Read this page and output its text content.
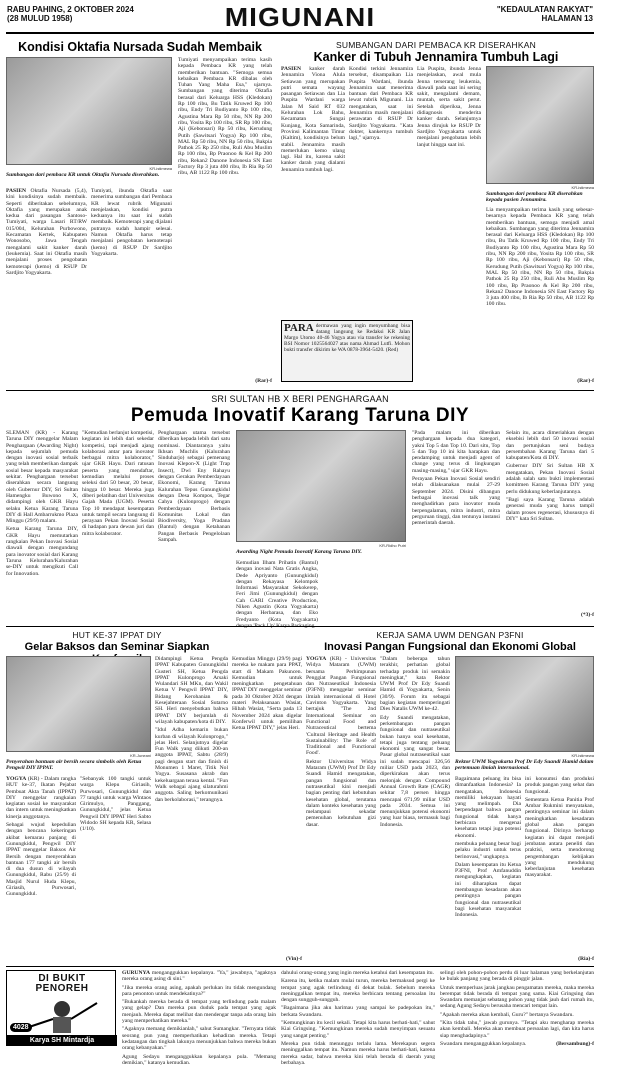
RABU PAHING, 2 OKTOBER 2024
(28 MULUD 1958)	MIGUNANI	"KEDAULATAN RAKYAT"
HALAMAN 13
Kondisi Oktafia Nursada Sudah Membaik
KR-istimewa
Sumbangan dari pembaca KR untuk Oktafia Nursada diserahkan.

PASIEN Oktafia Nursada (5,4), kini kondisinya sudah membaik. Seperti diberitakan sebelumnya, Oktafia yang merupakan anak kedua dari pasangan Santoso-Tumiyati, warga Lasari RT/RW 015/004, Kelurahan Purbowono, Kecamatan Kertek, Kabupaten Wonosobo, Jawa Tengah mengalami sakit kanker darah (leukemia). Saat ini Oktafia masih menjalani proses pengobatan kemoterapi (kemo) di RSUP Dr Sardjito Yogyakarta.

Tumiyati, ibunda Oktafia saat menerima sumbangan dari Pembaca KR lewat rubrik Migunani menjelaskan, kondisi putra keduanya itu saat ini sudah membaik. Kemoterapi yang dijalani putranya sudah hampir selesai. Namun Oktafia harus tetap menjalani pengobatan kemoterapi (kemo) di RSUP Dr Sardjito Yogyakarta.

Tumiyati menyampaikan terima kasih kepada Pembaca KR yang telah memberikan bantuan. "Semoga semua kebaikan Pembaca KR dibalas oleh Tuhan Yang Maha Esa," ujarnya. Sumbangan yang diterima Oktafia berasal dari Keluarga HSS (Kledokan) Rp 100 ribu, Bu Tatik Kruwed Rp 100 ribu, Endy Tri Budiyanto Rp 100 ribu, Agustina Mara Rp 50 ribu, NN Rp 200 ribu, Yosita Rp 100 ribu, SR Rp 100 ribu, Aji (Kebonsari) Rp 50 ribu, Kerudung Putih (Sawitsari Yogya) Rp 100 ribu, MAL Rp 50 ribu, NN Rp 50 ribu, Bakpia Pathok 25 Rp 250 ribu, Ruli Abu Muslim Rp 100 ribu, Bp Praonoo & Kel Rp 200 ribu, Rekan2 Danone Indonesia SN East Factory Rp 3 juta 400 ribu, Ib Ria Rp 50 ribu, AB 1122 Rp 100 ribu.

(Rar)-f
SUMBANGAN DARI PEMBACA KR DISERAHKAN
Kanker di Tubuh Jennamira Tumbuh Lagi

PASIEN kanker darah Jennamira Viona Alula Setiawan yang merupakan putri semata wayang pasangan Setiawan dan Lia Puspita Wardani warga Jalan M Said RT 032 Kelurahan Lok Bahu, Kecamatan Sungai Kunjang, Kota Samarinda, Provinsi Kalimantan Timur (Kaltim), kondisinya belum stabil. Jennamira masih memerlukan kemo ulang lagi. Hal itu, karena sakit kanker darah yang dialami Jennamira tumbuh lagi.

Kondisi terkini Jennamira tersebut, disampaikan Lia Puspita Wardani, ibunda Jennamira saat menerima bantuan dari Pembaca KR lewat rubrik Migunani. Lia mengatakan, saat ini Jennamira masih menjalani perawatan di RSUP Dr Sardjito Yogyakarta. "Kata dokter, kankernya tumbuh lagi," ujarnya.

Lia Puspita, ibunda Jenna menjelaskan, awal mula Jenna terserang leukemia, diawali pada saat ini sering sakit, mengalami demam, muntah, serta sakit perut. Setelah diperiksa, Jenna didiagnosis menderita kanker darah. Selanjutnya Jenna dirujuk ke RSUP Dr Sardjito Yogyakarta untuk menjalani pengobatan lebih lanjut hingga saat ini.

KR-istimewa
Sumbangan dari pembaca KR diserahkan kepada pasien Jennamira.

Lia menyampaikan terima kasih yang sebesar-besarnya kepada Pembaca KR yang telah memberikan bantuan, semoga menjadi amal kebaikan. Sumbangan yang diterima Jennamira berasal dari Keluarga HSS (Kledokan) Rp 100 ribu, Bu Tatik Kruwed Rp 100 ribu, Endy Tri Budiyanto Rp 100 ribu, Agustina Mara Rp 50 ribu, NN Rp 200 ribu, Yosita Rp 100 ribu, SR Rp 100 ribu, Aji (Kebonsari) Rp 50 ribu, Kerudung Putih (Sawitsari Yogya) Rp 100 ribu, MAL Rp 50 ribu, NN Rp 50 ribu, Bakpia Pathok 25 Rp 250 ribu, Ruli Abu Muslim Rp 100 ribu, Bp Praonoo & Kel Rp 200 ribu, Rekan2 Danone Indonesia SN East Factory Rp 3 juta 400 ribu, Ib Ria Rp 50 ribu, AB 1122 Rp 100 ribu.

(Rar)-f
PARA dermawan yang ingin menyumbang bisa datang langsung ke Redaksi KR Jalan Margo Utomo 40-46 Yogya atau via transfer ke rekening BSI Nomor 1025564027 atas nama Ahmad Lutfi. Mohon bukti transfer dikirim ke WA 0878-3964-5420. (Red)
SRI SULTAN HB X BERI PENGHARGAAN
Pemuda Inovatif Karang Taruna DIY

SLEMAN (KR) - Karang Taruna DIY menggelar Malam Penghargaan (Awarding Night) kepada sejumlah pemuda dengan inovasi sosial terbaik yang telah memberikan dampak sosial besar kepada masyarakat sekitar. Penghargaan tersebut diserahkan secara langsung oleh Gubernur DIY, Sri Sultan Hamengku Buwono X, didampingi oleh GKR Hayu selaku Ketua Karang Taruna DIY di Hall Ambarrukmo Plaza Minggu (29/9) malam.

Ketua Karang Taruna DIY, GKR Hayu memutarkan rangkaian Pekan Inovasi Sosial diawali dengan mengundang para inovator sosial dari Karang Taruna Kelurahan/Kalurahan se-DIY untuk mengikuti Call for Innovation.

"Kemudian berlanjut kompetisi, kegiatan ini lebih dari sekedar kompetisi, tapi menjadi ajang kolaborasi antar para inovator berbagai mitra kolaborator," ujar GKR Hayu. Dari ratusan peserta yang mendaftar, kemudian melalui proses seleksi dari 50 besar, 20 besar, hingga 10 besar. Mereka juga diberi pelatihan dari Universitas Gajah Mada (UGM). Peserta Top 10 mendapat kesempatan untuk tampil secara langsung di perayaan Pekan Inovasi Sosial di hadapan para dewan juri dan mitra kolaborator.

Penghargaan utama tersebut diberikan kepada lebih dari satu nominasi. Diantaranya yaitu Ikhsan Muchlis (Kalurahan Sinduharjo) sebagai pemenang Inovasi Klepon-X (Light Trap Insect), Dwi Eny Rahayu dengan Gerakan Pemberdayaan Ekonomi, Karang Taruna Kalurahan Tepus Gunungkidul dengan Desa Kompos, Tegar Cahya (Kulonprogo) dengan Pemberdayaan Berbasis Komunitas Lokal dan Biodiversity, Yoga Pradana (Bantul) dengan Ketahanan Pangan Berbasis Pengelolaan Sampah.

KR-Ridho Putri
Awarding Night Pemuda Inovatif Karang Taruna DIY.

Kemudian Ilham Prihatin (Bantul) dengan inovasi Nata Gratis Angka, Dede Apriyanto (Gunungkidul) dengan Rekayasa Kelompok Informasi Masyarakat Sekokerep, Feri Jimi (Gunungkidul) dengan Cah GARI Creative Production, Niken Agustin (Kota Yogyakarta) dengan Herbarasa, dan Eko Fredyanto (Kota Yogyakarta)

"Pada malam ini diberikan penghargaan kepada dua kategori, yakni Top 5 dan Top 10. Dari situ, Top 5 dan Top 10 ini kita harapkan dan pendamping untuk menjadi agent of change yang terus di lingkungan masing-masing," ujar GKR Hayu.

Perayaan Pekan Inovasi Sosial sendiri telah dilaksanakan mulai 27-29 September 2024. Disini dibangun berbagai inovasi talk yang menghadirkan para inovator muda berpengalaman, mitra industri, mitra perguruan tinggi, dan tentunya instansi pemerintah daerah.

Selain itu, acara dimeriahkan dengan eksebisi lebih dari 50 inovasi sosial dan pertunjukan seni budaya persembahan Karang Taruna dari 5 kabupaten/Kota di DIY.

Gubernur DIY Sri Sultan HB X mengatakan, Pekan Inovasi Sosial adalah salah satu bukti implementasi komitmen Karang Taruna DIY yang perlu didukung keberlanjutannya.

"Bagi saya Karang Taruna adalah generasi muda yang harus tampil dalam proses regenerasi, khususnya di DIY" kata Sri Sultan.

(*3)-f
HUT KE-37 IPPAT DIY
Gelar Baksos dan Seminar Siapkan
KR-Juneani
Penyerahan bantuan air bersih secara simbolis oleh Ketua Pengwil DIY IPPAT.

YOGYA (KR) - Dalam rangka HUT ke-37, Ikatan Pejabat Pembuat Akta Tanah (IPPAT) DIY menggelar rangkaian kegiatan sosial ke masyarakat dan intern untuk meningkatkan kinerja anggotanya.

Sebagai wujud kepedulian dengan bencana kekeringan akibat kemarau panjang di Gunungkidul, Pengwil DIY IPPAT menggelar Baksos Air Bersih dengan menyerahkan bantuan 177 tangki air bersih di dua dusun di wilayah Gunungkidul, Rabu (25/9) di Masjid Nurul Huda Klepu, Giriasih, Purwosari, Gunungkidul.

"Sebanyak 100 tangki untuk warga Klepu Giriasih, Purwosari, Gunungkidul dan 77 tangki untuk warga Wintaos Girimulyo, Panggang, Gunungkidul," jelas Ketua Pengwil DIY IPPAT Heri Sabto Widodo SH kepada KR, Selasa (1/10).

Didampingi Ketua Pengda IPPAT Kabupaten Gunungkidul Gusteri SH, Ketua Pengda IPPAT Kulonprogo Arsaki Wulandari SH MKn, dan Wakil Ketua V Pengwil IPPAT DIY, Bidang Kerohanian & Kesejahteraan Sosial Sutarno SH. Heri menyebutkan bahwa IPPAT DIY berjumlah di wilayah kabupaten/kota di DIY.

"Idul Adha kemarin bukan kurban di wilayah Kulonprogo," jelas Heri. Selanjutnya digelar Fun Walk yang diikuti 200-an anggota IPPAT, Sabtu (28/9) pagi dengan start dan finish di Monumen 1 Maret, Titik Nol Yogya. Susasana akrab dan kekeluargaan terasa kental. "Fun Walk sebagai ajang silaturahmi anggota. Saling berkomunikasi dan berkolaborasi," terangnya.

Kemudian Minggu (29/9) pagi mereka ke makam para PPAT, start di Makam Pakuncen. Kemudian untuk meningkatkan pengetahuan IPPAT DIY menggelar seminar pada 30 Oktober 2024 dengan materi Pelaksanaan Wasiat, Hibah Wasiat, "Serta pada 13 November 2024 akan digelar Konferwil untuk pemilihan Ketua IPPAT DIY," jelas Heri.

(Vin)-f
KERJA SAMA UWM DENGAN P3FNI
Inovasi Pangan Fungsional dan Ekonomi Global

YOGYA (KR) - Universitas Widya Mataram (UWM) bersama Perhimpunan Penggiat Pangan Fungsional dan Nutraseutikal Indonesia (P3FNI) menggelar seminar ilmiah internasional di Hotel Cavinton Yogyakarta. Yang bertajuk "The 2nd International Seminar on Functional Food and Nutraceutical bertema 'Cultural Heritage and Health Sustainability: The Role of Traditional and Functional Food'.

Rektor Universitas Widya Mataram (UWM) Prof Dr Edy Suandi Hamid mengatakan, pangan fungsional dan nutraseutikal kini menjadi bagian penting dari kebutuhan kesehatan global, terutama dalam konteks kesehatan yang melampaui sekadar pemenuhan kebutuhan gizi dasar.

"Dalam beberapa tahun terakhir, perhatian global terhadap produk ini semakin meningkat," kata Rektor UWM Prof Dr Edy Suandi Hamid di Yogyakarta, Senin (30/9). Forum itu sebagai bagian kegiatan memperingati Dies Natalis UWM ke-42.

Edy Suandi mengatakan, perkembangan pangan fungsional dan nutraseutikal bukan hanya soal kesehatan, tetapi juga tentang peluang ekonomi yang sangat besar. Pasar global nutraseutikal saat ini sudah mencapai 326,56 miliar USD pada 2023, dan diperkirakan akan terus melonjak dengan Compound Annual Growth Rate (CAGR) sekitar 7,8 persen hingga mencapai 671,99 miliar USD pada 2034. Semua ini menunjukkan potensi ekonomi yang luar biasa, termasuk bagi Indonesia.

KR-istimewa
Rektor UWM Yogyakarta Prof Dr Edy Suandi Hamid dalam pertemuan ilmiah internasional.

Bagaimana peluang itu bisa dimanfaatkan Indonesia? Ia mengatakan, Indonesia memiliki kekayaan hayati yang melimpah. Dia berpendapat bahwa pangan fungsional tidak hanya berbicara mengenai kesehatan tetapi juga potensi ekonomi.

membuka peluang besar bagi pelaku industri untuk terus berinovasi," ungkapnya.

Dalam kesempatan itu Ketua P3FNI, Prof Amfanuddin mengungkapkan, kegiatan ini diharapkan dapat membangun kesadaran akan pentingnya pangan fungsional dan nutraseutikal bagi kesehatan masyarakat Indonesia.

ini konsumsi dan produksi produk pangan yang sehat dan fungsional.

Sementara Ketua Panitia Prof Ambar Rukmini menyatakan, pentingnya seminar ini dalam meningkatkan kesadaran global akan pangan fungsional. Dirinya berharap kegiatan ini dapat menjadi jembatan antara peneliti dan praktisi, serta mendorong pengembangan kebijakan yang mendukung keberlanjutan kesehatan masyarakat.

(Ria)-f
DI BUKIT PENOREH
4028
Karya SH Mintardja

GURUNYA menganggukkan kepalanya. "Ya," jawabnya, "agaknya mereka orang asing di sini."

"Jika mereka orang asing, apakah perlukan itu tidak mengundang para penonton untuk mendekatinya?"

"Bukankah mereka berada di tempat yang terlindung pada malam yang gelap? Dan mereka pun duduk pada tempat yang agak menjauh. Mereka dapat melihat dan mendengar tanpa ada orang lain yang memperhatikan mereka."

"Agaknya memang demikianlah," sahut Sumangkar. "Ternyata tidak seorang pun yang memperhatikan kehadiran mereka. Tetapi kedatangan dan tingkah lakunya menunjukkan bahwa mereka bukan orang kebanyakan."

Agung Sedayu menganggukkan kepalanya pula. "Memang demikian," katanya kemudian.

dahului orang-orang yang ingin mereka ketahui dari kesempatan itu.

Karena itu, ketika malam mulai turun, mereka bermaksud pergi ke tempat yang agak terlindung di dekat bulak. Sebelum mereka meninggalkan tempat itu, mereka berbicara tentang persoalan itu dengan sungguh-sungguh.

"Bagaimana jika aku harimau yang sampai ke padepokan itu," berkata Swandaru.

"Kemungkinan itu kecil sekali. Tetapi kita harus berhati-hati," sahut Kiai Gringsing. "Kemungkinan mereka sudah menyimpan sesuatu yang sangat penting."

Mereka pun tidak menunggu terlalu lama. Merekapun segera meninggalkan tempat itu. Namun mereka harus berhati-hati, karena mereka sadar, bahwa mereka kini telah berada di daerah yang berbahaya.

selingi oleh pohon-pohon perdu di luar halaman yang berkelanjutan ke bulak panjang yang berada di pinggir jalan.

Untuk memperluas jarak jangkau pengamatan mereka, maka mereka berempat tidak berada di tempat yang sama. Kiai Gringsing dan Swandaru memanjat sebatang pohon yang tidak jauh dari rumah itu, sedang Agung Sedayu berusaha mencari tempat lain.

"Apakah mereka akan kembali, Guru?" bertanya Swandaru.

"Kita tidak tahu," jawab gurunya. "Tetapi aku mengharap mereka akan kembali. Mereka akan membuat persoalan lagi, dan kita harus siap menghadapinya."

Swandaru menganggukkan kepalanya.	(Bersambung)-f
